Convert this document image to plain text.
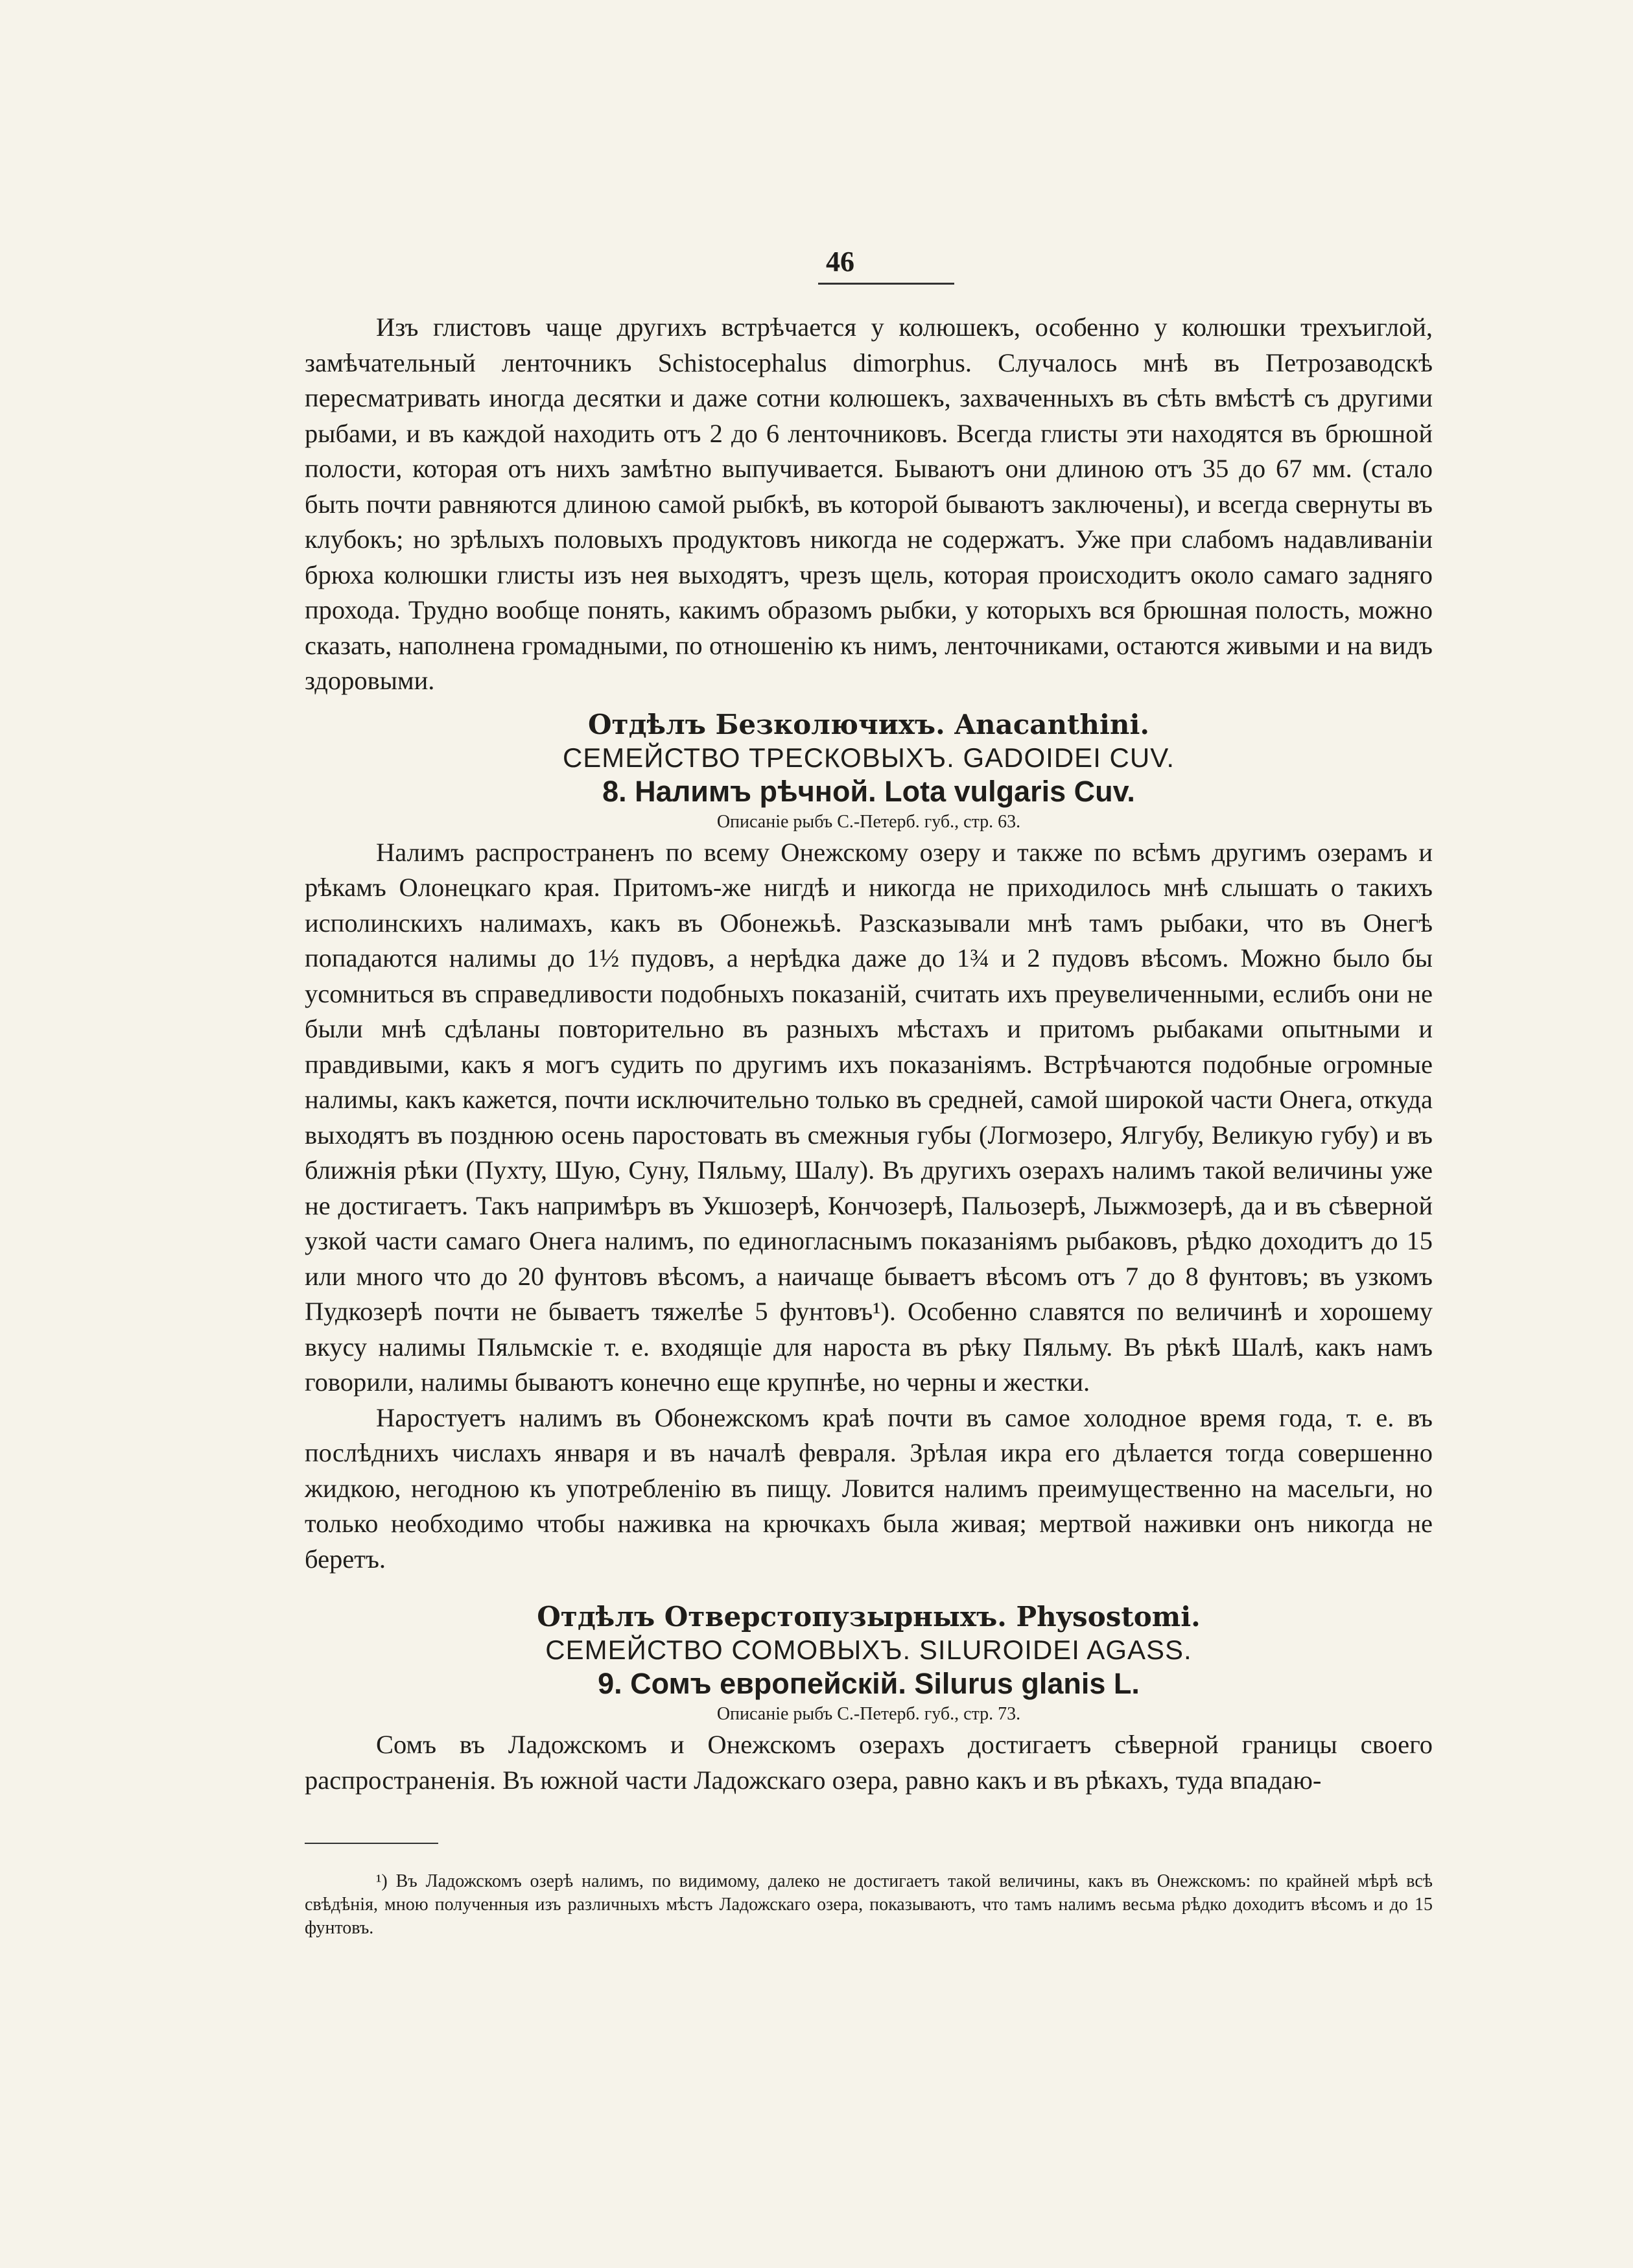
46

Изъ глистовъ чаще другихъ встрѣчается у колюшекъ, особенно у колюшки трехъиглой, замѣчательный ленточникъ Schistocephalus dimorphus. Случалось мнѣ въ Петрозаводскѣ пересматривать иногда десятки и даже сотни колюшекъ, захваченныхъ въ сѣть вмѣстѣ съ другими рыбами, и въ каждой находить отъ 2 до 6 ленточниковъ. Всегда глисты эти находятся въ брюшной полости, которая отъ нихъ замѣтно выпучивается. Бываютъ они длиною отъ 35 до 67 мм. (стало быть почти равняются длиною самой рыбкѣ, въ которой бываютъ заключены), и всегда свернуты въ клубокъ; но зрѣлыхъ половыхъ продуктовъ никогда не содержатъ. Уже при слабомъ надавливаніи брюха колюшки глисты изъ нея выходятъ, чрезъ щель, которая происходитъ около самаго задняго прохода. Трудно вообще понять, какимъ образомъ рыбки, у которыхъ вся брюшная полость, можно сказать, наполнена громадными, по отношенію къ нимъ, ленточниками, остаются живыми и на видъ здоровыми.

Отдѣлъ Безколючихъ. Anacanthini.

СЕМЕЙСТВО ТРЕСКОВЫХЪ. GADOIDEI CUV.

8. Налимъ рѣчной. Lota vulgaris Cuv.

Описаніе рыбъ С.-Петерб. губ., стр. 63.

Налимъ распространенъ по всему Онежскому озеру и также по всѣмъ другимъ озерамъ и рѣкамъ Олонецкаго края. Притомъ-же нигдѣ и никогда не приходилось мнѣ слышать о такихъ исполинскихъ налимахъ, какъ въ Обонежьѣ. Разсказывали мнѣ тамъ рыбаки, что въ Онегѣ попадаются налимы до 1½ пудовъ, а нерѣдка даже до 1¾ и 2 пудовъ вѣсомъ. Можно было бы усомниться въ справедливости подобныхъ показаній, считать ихъ преувеличенными, еслибъ они не были мнѣ сдѣланы повторительно въ разныхъ мѣстахъ и притомъ рыбаками опытными и правдивыми, какъ я могъ судить по другимъ ихъ показаніямъ. Встрѣчаются подобные огромные налимы, какъ кажется, почти исключительно только въ средней, самой широкой части Онега, откуда выходятъ въ позднюю осень паростовать въ смежныя губы (Логмозеро, Ялгубу, Великую губу) и въ ближнія рѣки (Пухту, Шую, Суну, Пяльму, Шалу). Въ другихъ озерахъ налимъ такой величины уже не достигаетъ. Такъ напримѣръ въ Укшозерѣ, Кончозерѣ, Пальозерѣ, Лыжмозерѣ, да и въ сѣверной узкой части самаго Онега налимъ, по единогласнымъ показаніямъ рыбаковъ, рѣдко доходитъ до 15 или много что до 20 фунтовъ вѣсомъ, а наичаще бываетъ вѣсомъ отъ 7 до 8 фунтовъ; въ узкомъ Пудкозерѣ почти не бываетъ тяжелѣе 5 фунтовъ¹). Особенно славятся по величинѣ и хорошему вкусу налимы Пяльмскіе т. е. входящіе для нароста въ рѣку Пяльму. Въ рѣкѣ Шалѣ, какъ намъ говорили, налимы бываютъ конечно еще крупнѣе, но черны и жестки.

Наростуетъ налимъ въ Обонежскомъ краѣ почти въ самое холодное время года, т. е. въ послѣднихъ числахъ января и въ началѣ февраля. Зрѣлая икра его дѣлается тогда совершенно жидкою, негодною къ употребленію въ пищу. Ловится налимъ преимущественно на масельги, но только необходимо чтобы наживка на крючкахъ была живая; мертвой наживки онъ никогда не беретъ.

Отдѣлъ Отверстопузырныхъ. Physostomi.

СЕМЕЙСТВО СОМОВЫХЪ. SILUROIDEI AGASS.

9. Сомъ европейскій. Silurus glanis L.

Описаніе рыбъ С.-Петерб. губ., стр. 73.

Сомъ въ Ладожскомъ и Онежскомъ озерахъ достигаетъ сѣверной границы своего распространенія. Въ южной части Ладожскаго озера, равно какъ и въ рѣкахъ, туда впадаю-

¹) Въ Ладожскомъ озерѣ налимъ, по видимому, далеко не достигаетъ такой величины, какъ въ Онежскомъ: по крайней мѣрѣ всѣ свѣдѣнія, мною полученныя изъ различныхъ мѣстъ Ладожскаго озера, показываютъ, что тамъ налимъ весьма рѣдко доходитъ вѣсомъ и до 15 фунтовъ.
